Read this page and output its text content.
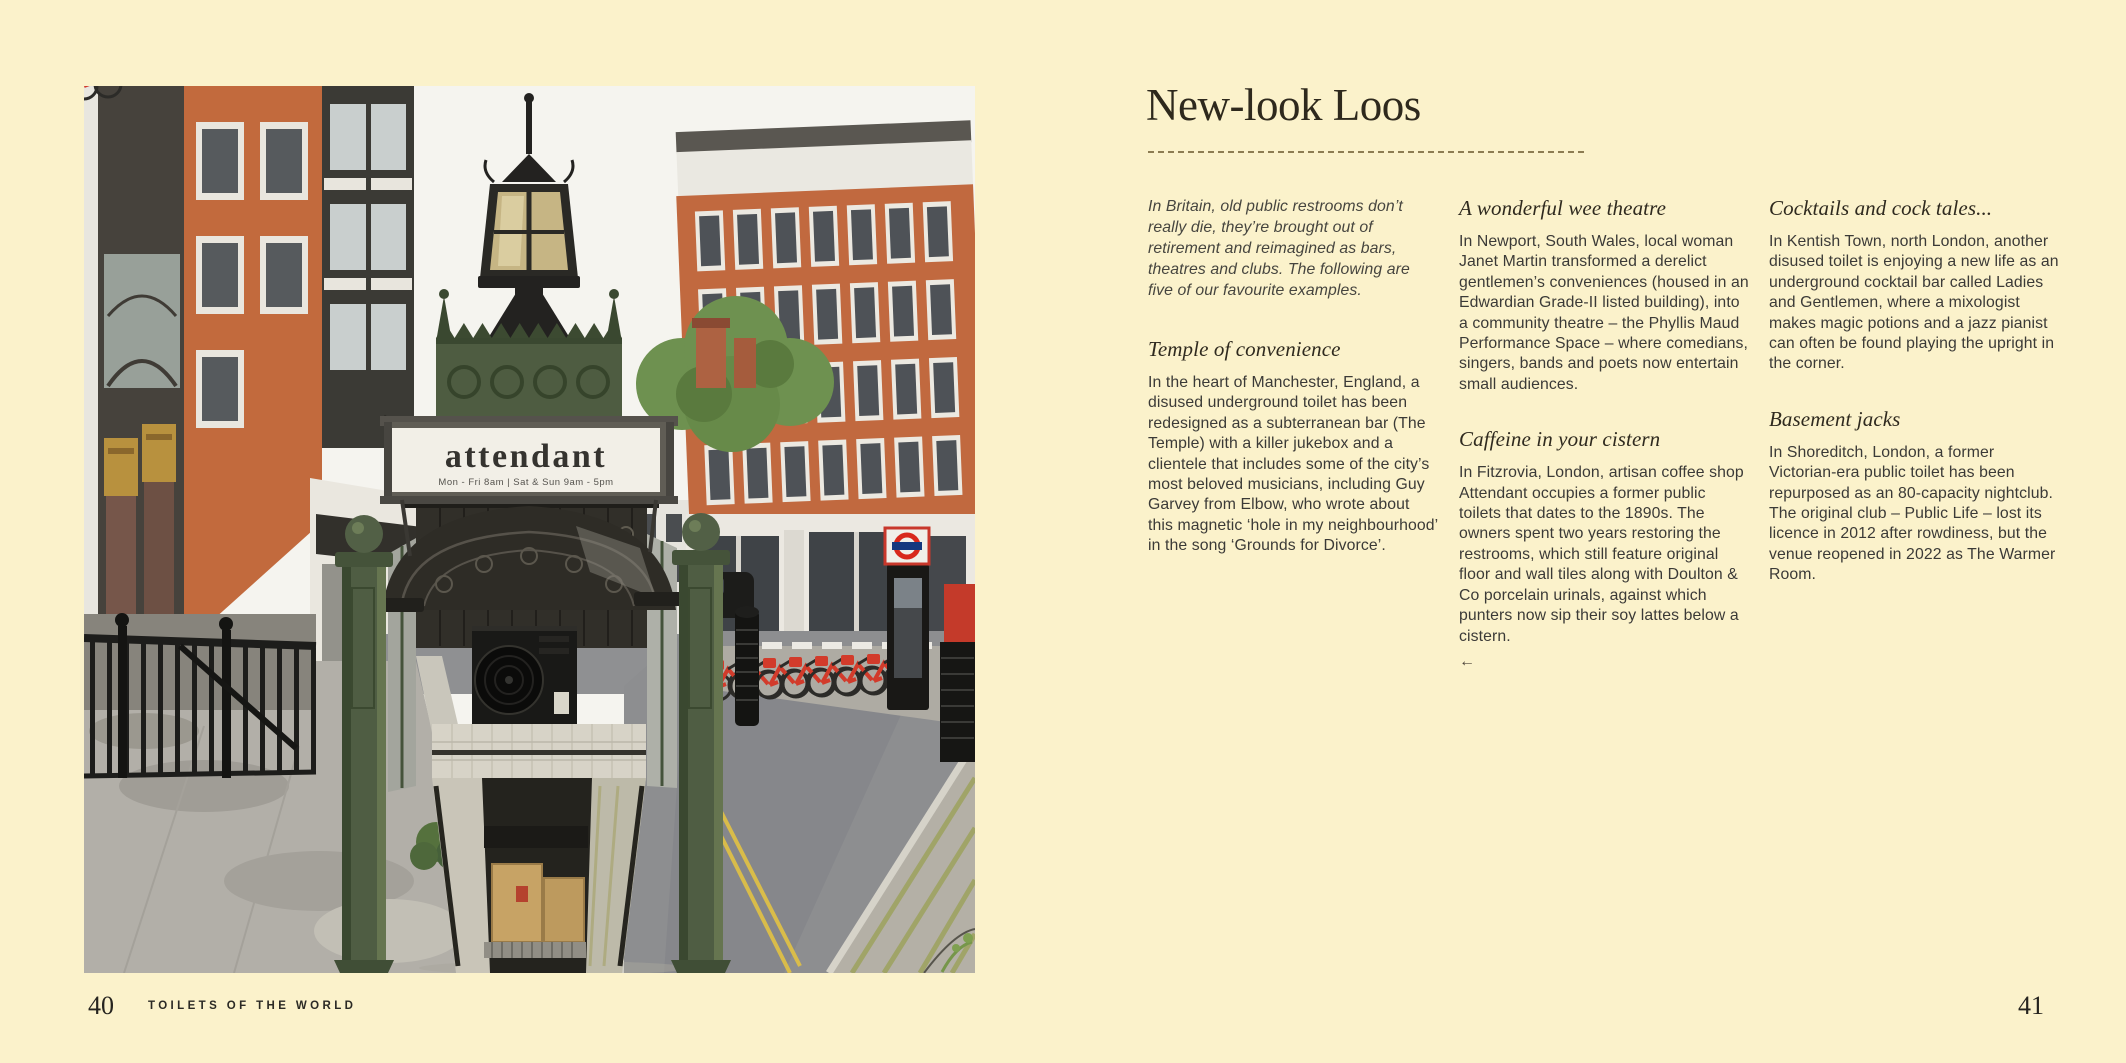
attendant
Mon - Fri 8am | Sat & Sun 9am - 5pm
40	TOILETS OF THE WORLD
New-look Loos

In Britain, old public restrooms don’t really die, they’re brought out of retirement and reimagined as bars, theatres and clubs. The following are five of our favourite examples.

Temple of convenience

In the heart of Manchester, England, a disused underground toilet has been redesigned as a subterranean bar (The Temple) with a killer jukebox and a clientele that includes some of the city’s most beloved musicians, including Guy Garvey from Elbow, who wrote about this magnetic ‘hole in my neighbourhood’ in the song ‘Grounds for Divorce’.

A wonderful wee theatre

In Newport, South Wales, local woman Janet Martin transformed a derelict gentlemen’s conveniences (housed in an Edwardian Grade-II listed building), into a community theatre – the Phyllis Maud Performance Space – where comedians, singers, bands and poets now entertain small audiences.

Caffeine in your cistern

In Fitzrovia, London, artisan coffee shop Attendant occupies a former public toilets that dates to the 1890s. The owners spent two years restoring the restrooms, which still feature original floor and wall tiles along with Doulton & Co porcelain urinals, against which punters now sip their soy lattes below a cistern.

←
Cocktails and cock tales...

In Kentish Town, north London, another disused toilet is enjoying a new life as an underground cocktail bar called Ladies and Gentlemen, where a mixologist makes magic potions and a jazz pianist can often be found playing the upright in the corner.

Basement jacks

In Shoreditch, London, a former Victorian-era public toilet has been repurposed as an 80-capacity nightclub. The original club – Public Life – lost its licence in 2012 after rowdiness, but the venue reopened in 2022 as The Warmer Room.

41
